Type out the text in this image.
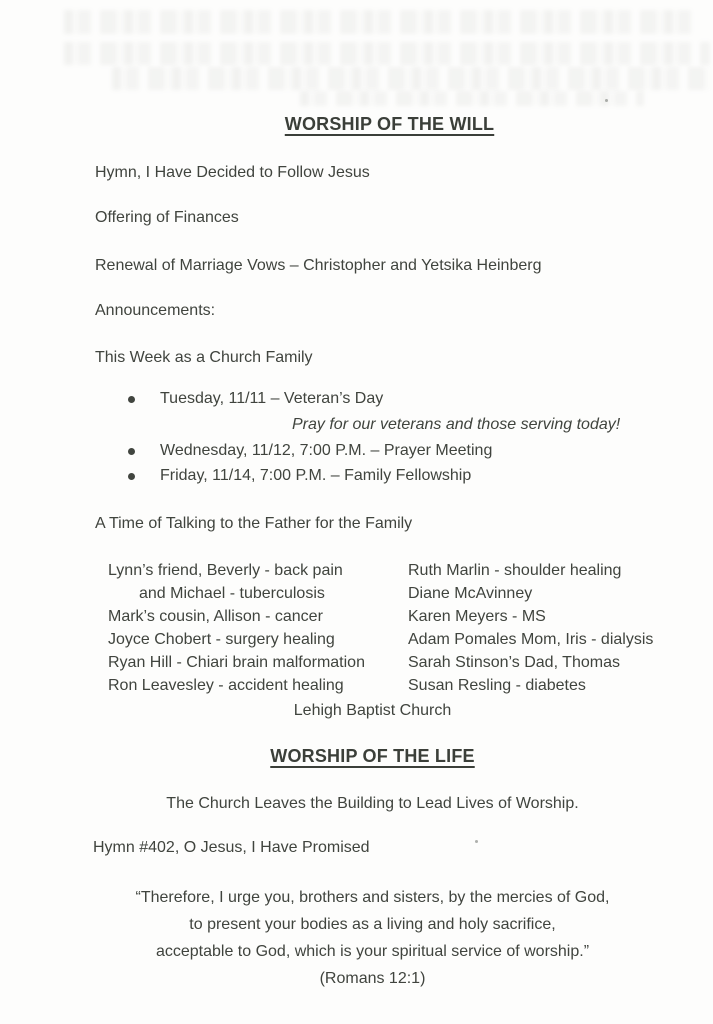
WORSHIP OF THE WILL
Hymn, I Have Decided to Follow Jesus
Offering of Finances
Renewal of Marriage Vows – Christopher and Yetsika Heinberg
Announcements:
This Week as a Church Family
Tuesday, 11/11 – Veteran’s Day
Pray for our veterans and those serving today!
Wednesday, 11/12, 7:00 P.M. – Prayer Meeting
Friday, 11/14, 7:00 P.M. – Family Fellowship
A Time of Talking to the Father for the Family
Lynn’s friend, Beverly - back pain
and Michael - tuberculosis
Mark’s cousin, Allison - cancer
Joyce Chobert - surgery healing
Ryan Hill - Chiari brain malformation
Ron Leavesley - accident healing
Ruth Marlin - shoulder healing
Diane McAvinney
Karen Meyers - MS
Adam Pomales Mom, Iris - dialysis
Sarah Stinson’s Dad, Thomas
Susan Resling - diabetes
Lehigh Baptist Church
WORSHIP OF THE LIFE
The Church Leaves the Building to Lead Lives of Worship.
Hymn #402, O Jesus, I Have Promised
“Therefore, I urge you, brothers and sisters, by the mercies of God,
to present your bodies as a living and holy sacrifice,
acceptable to God, which is your spiritual service of worship.”
(Romans 12:1)
